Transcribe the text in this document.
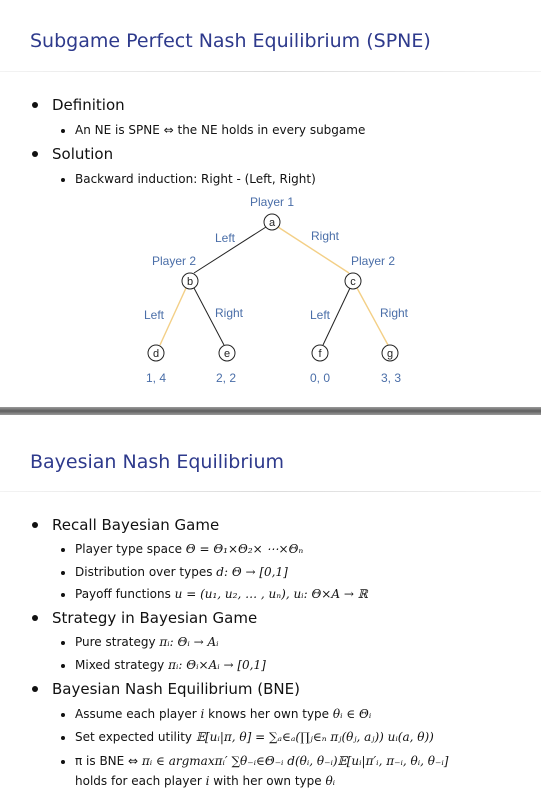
Subgame Perfect Nash Equilibrium (SPNE)
Definition
An NE is SPNE ⇔ the NE holds in every subgame
Solution
Backward induction: Right - (Left, Right)
Player 1
Player 2	Player 2
Left	Right
Left	Right	Left	Right
a
b	c
d	e	f	g
1, 4	2, 2	0, 0	3, 3
Bayesian Nash Equilibrium
Recall Bayesian Game
Player type space Θ = Θ₁×Θ₂× ⋯×Θₙ
Distribution over types d: Θ → [0,1]
Payoff functions u = (u₁, u₂, … , uₙ), uᵢ: Θ×A → ℝ
Strategy in Bayesian Game
Pure strategy πᵢ: Θᵢ → Aᵢ
Mixed strategy πᵢ: Θᵢ×Aᵢ → [0,1]
Bayesian Nash Equilibrium (BNE)
Assume each player i knows her own type θᵢ ∈ Θᵢ
Set expected utility 𝔼[uᵢ|π, θ] = ∑ₐ∈ₐ(∏ⱼ∈ₙ πⱼ(θⱼ, aⱼ)) uᵢ(a, θ))
π is BNE ⇔ πᵢ ∈ argmaxπᵢ′ ∑θ₋ᵢ∈Θ₋ᵢ d(θᵢ, θ₋ᵢ)𝔼[uᵢ|π′ᵢ, π₋ᵢ, θᵢ, θ₋ᵢ]
holds for each player i with her own type θᵢ
